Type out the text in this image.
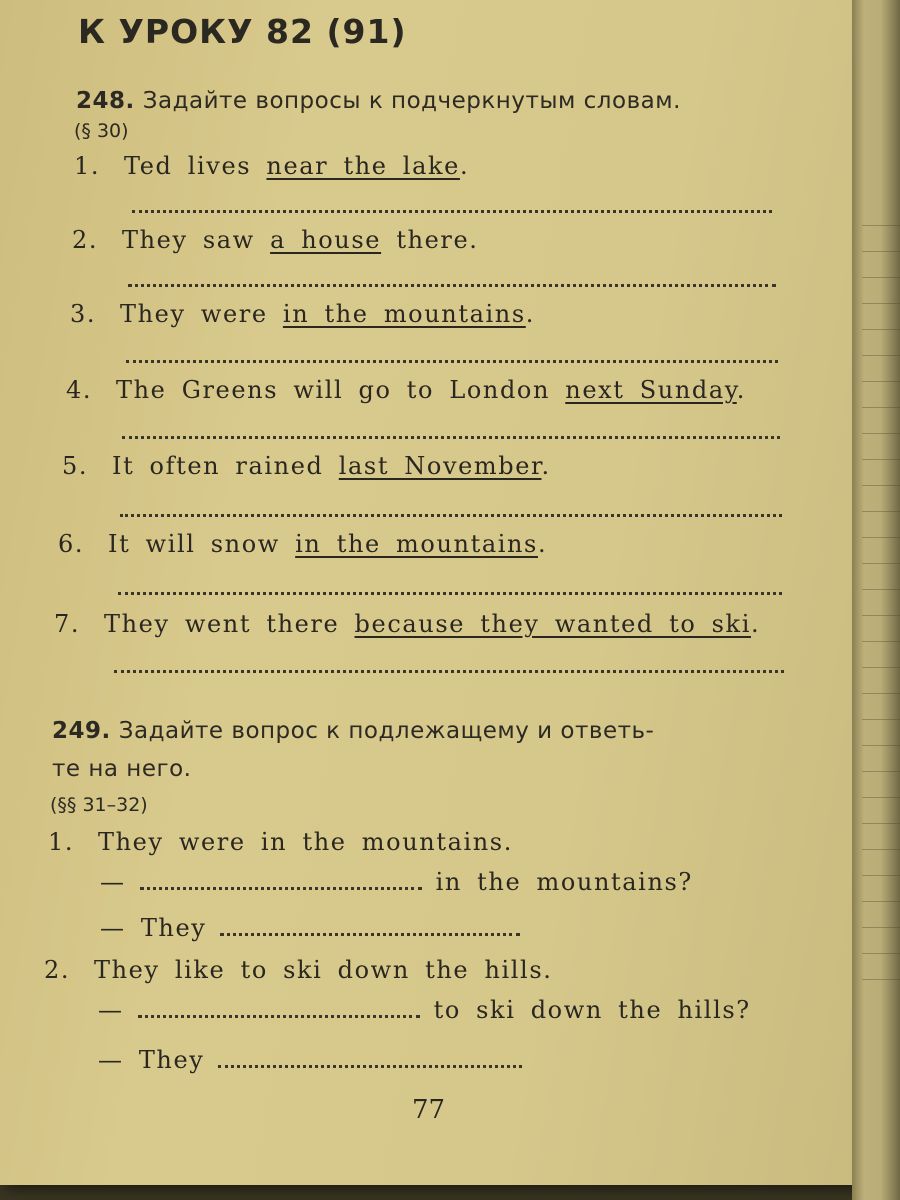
К УРОКУ 82 (91)
248. Задайте вопросы к подчеркнутым словам.
(§ 30)
1. Ted lives near the lake.
2. They saw a house there.
3. They were in the mountains.
4. The Greens will go to London next Sunday.
5. It often rained last November.
6. It will snow in the mountains.
7. They went there because they wanted to ski.
249. Задайте вопрос к подлежащему и ответь-
те на него.
(§§ 31–32)
1. They were in the mountains.
—	in the mountains?
— They
2. They like to ski down the hills.
—	to ski down the hills?
— They
77
